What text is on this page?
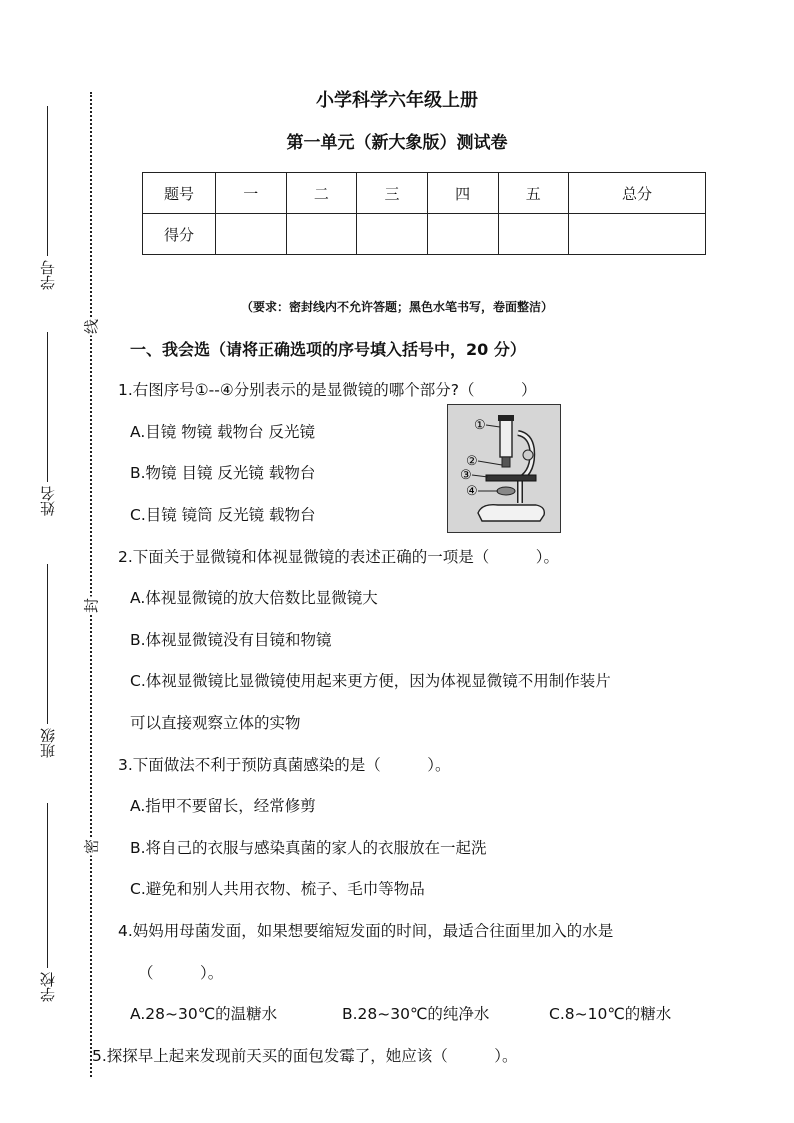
学号
姓名
班级
学校
线
封
密
小学科学六年级上册
第一单元（新大象版）测试卷
题号	一	二	三	四	五	总分
得分						
（要求：密封线内不允许答题；黑色水笔书写，卷面整洁）
一、我会选（请将正确选项的序号填入括号中，20 分）
1.右图序号①--④分别表示的是显微镜的哪个部分?（　　　）
A.目镜 物镜 载物台 反光镜
B.物镜 目镜 反光镜 载物台
C.目镜 镜筒 反光镜 载物台
①
②
③
④
2.下面关于显微镜和体视显微镜的表述正确的一项是（　　　）。
A.体视显微镜的放大倍数比显微镜大
B.体视显微镜没有目镜和物镜
C.体视显微镜比显微镜使用起来更方便，因为体视显微镜不用制作装片
可以直接观察立体的实物
3.下面做法不利于预防真菌感染的是（　　　）。
A.指甲不要留长，经常修剪
B.将自己的衣服与感染真菌的家人的衣服放在一起洗
C.避免和别人共用衣物、梳子、毛巾等物品
4.妈妈用母菌发面，如果想要缩短发面的时间，最适合往面里加入的水是
（　　　）。
A.28~30℃的温糖水	B.28~30℃的纯净水	C.8~10℃的糖水
5.探探早上起来发现前天买的面包发霉了，她应该（　　　）。
